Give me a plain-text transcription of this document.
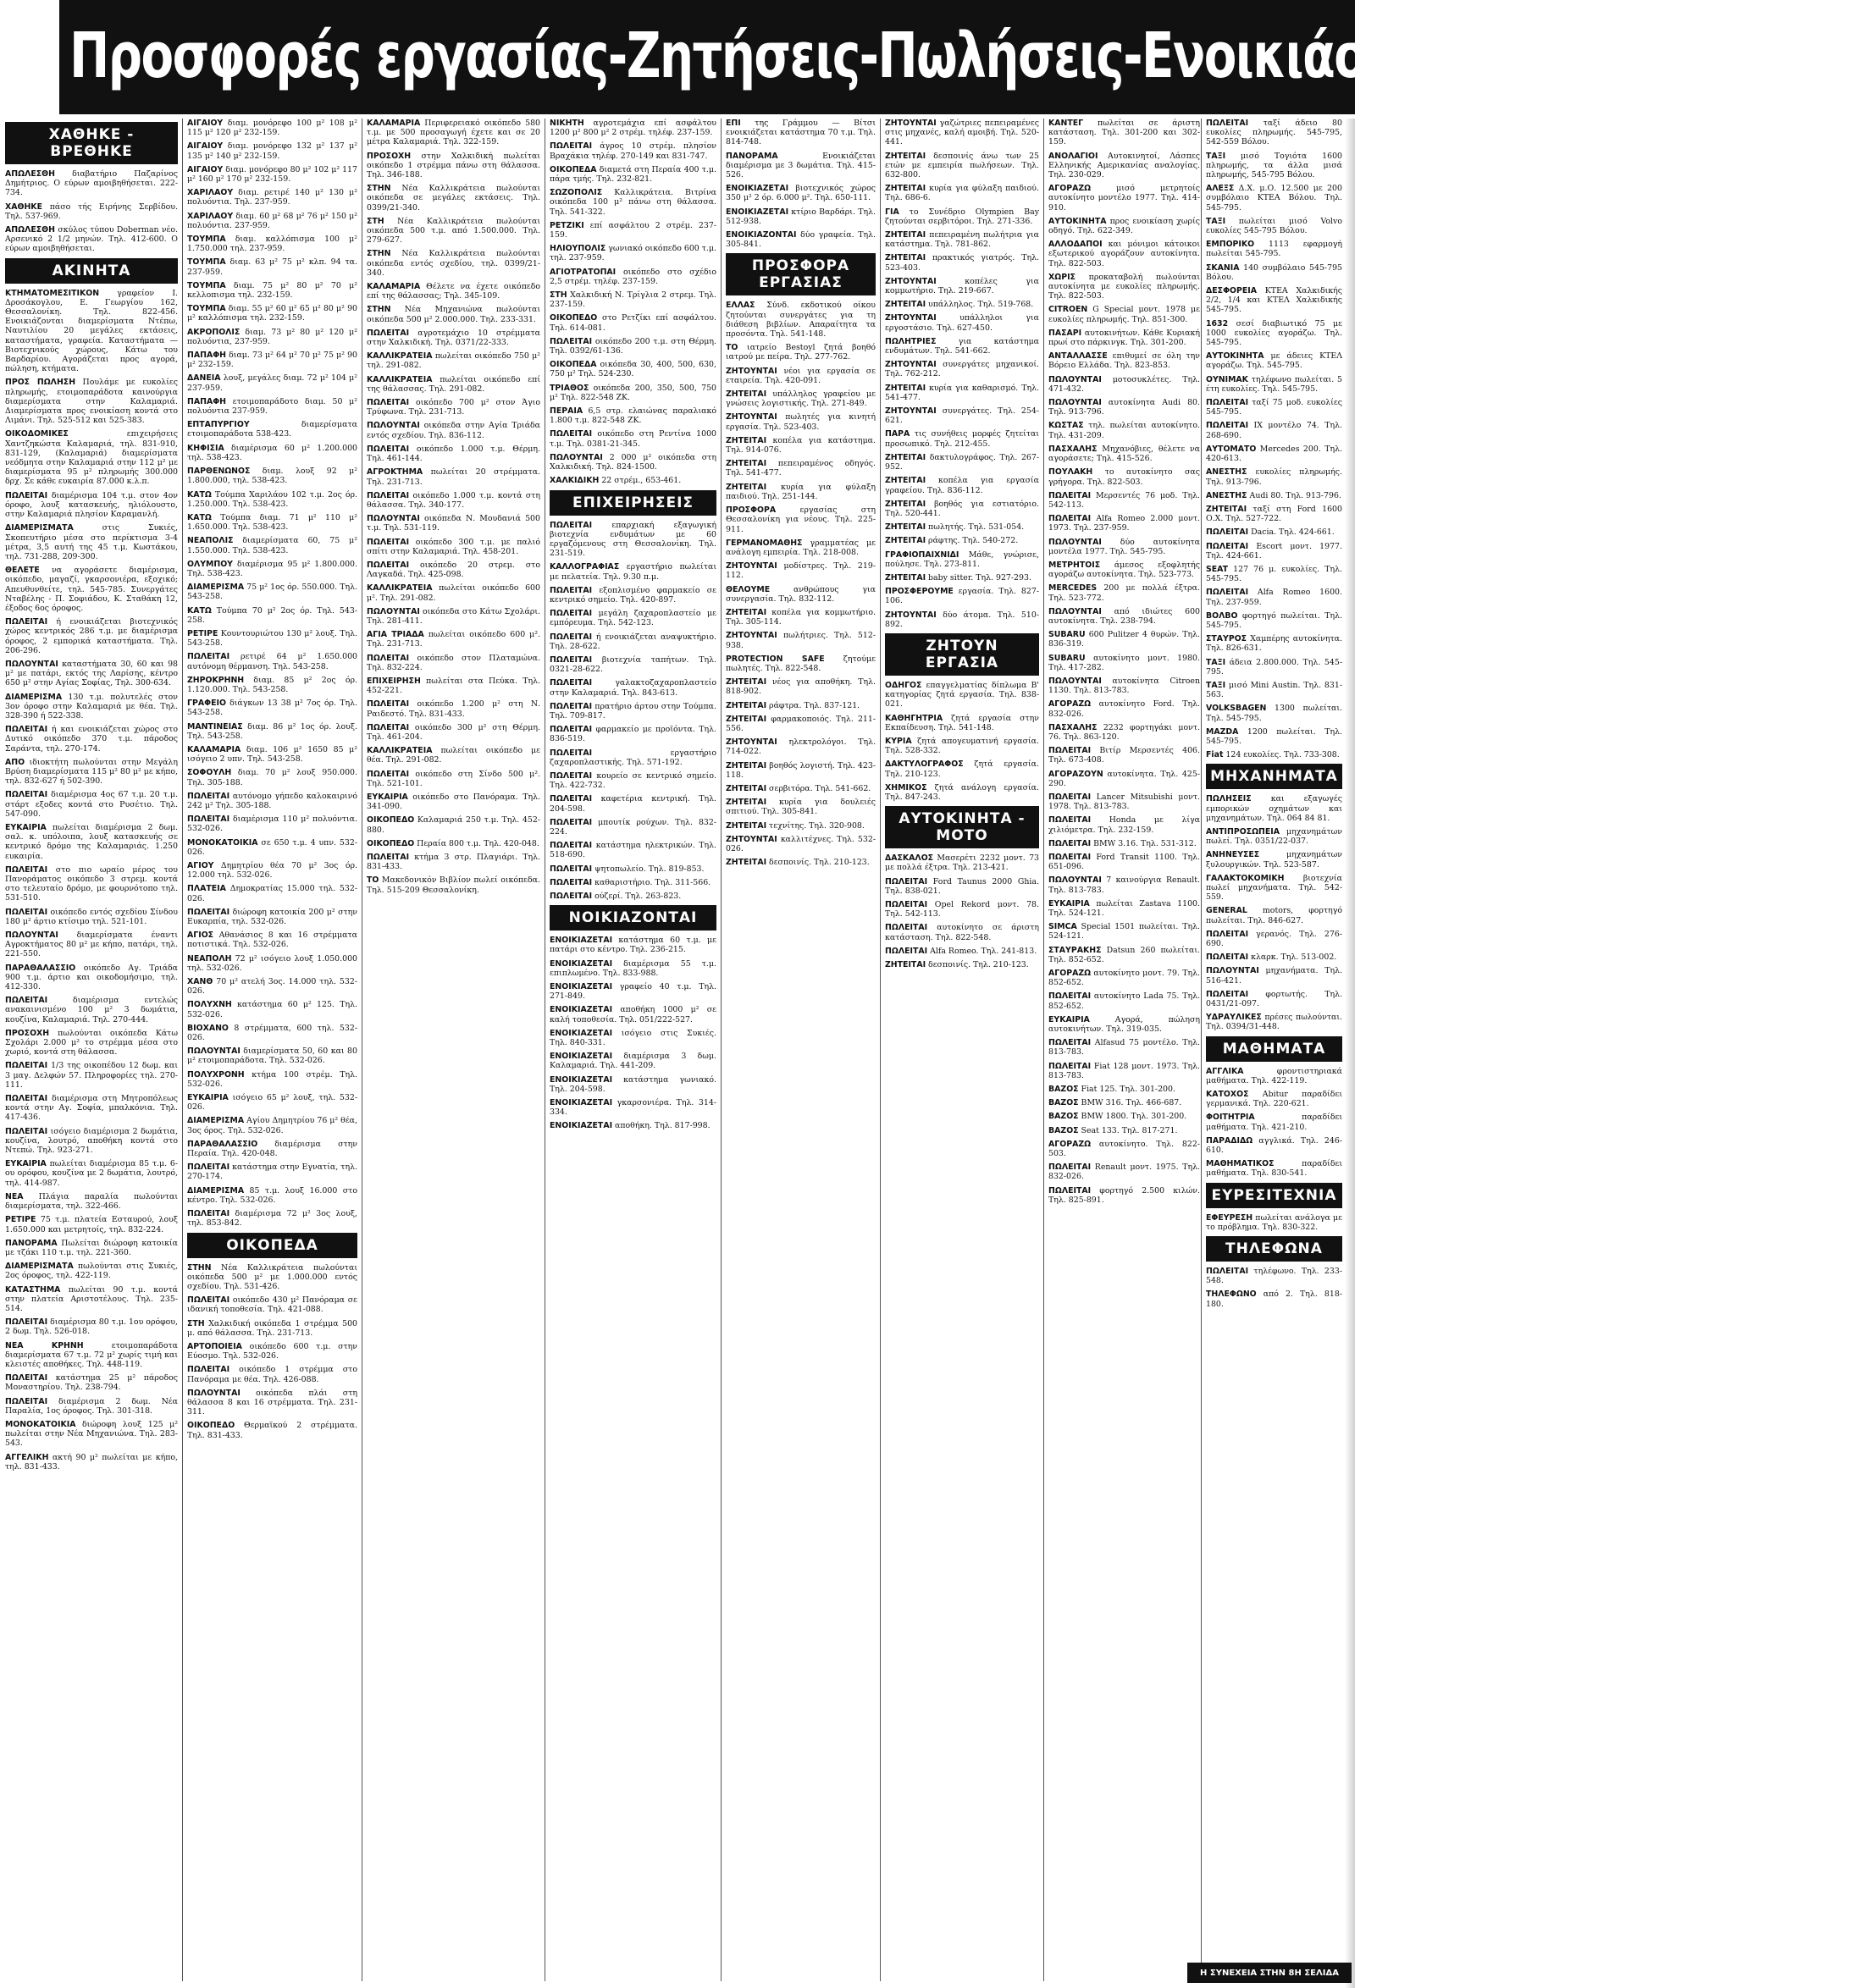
Προσφορές εργασίας-Ζητήσεις-Πωλήσεις-Ενοικιάσεις-Αγορές-Ακίνητα
ΧΑΘΗΚΕ - ΒΡΕΘΗΚΕ
ΑΠΩΛΕΣΘΗ διαβατήριο Παζαρίνος Δημήτριος. Ο εύρων αμοιβηθήσεται. 222-734.
ΧΑΘΗΚΕ πάσο τής Ειρήνης Σερβίδου. Τηλ. 537-969.
ΑΠΩΛΕΣΘΗ σκύλος τύπου Doberman νέο. Αρσενικό 2 1/2 μηνών. Τηλ. 412-600. Ο εύρων αμοιβηθήσεται.
ΑΚΙΝΗΤΑ
ΚΤΗΜΑΤΟΜΕΣΙΤΙΚΟΝ γραφείον Ι. Δροσάκογλου, Ε. Γεωργίου 162, Θεσσαλονίκη. Τηλ. 822-456. Ενοικιάζονται διαμερίσματα Ντέπω, Ναυτιλίου 20 μεγάλες εκτάσεις, καταστήματα, γραφεία. Καταστήματα — Βιοτεχνικούς χώρους, Κάτω του Βαρδαρίου. Αγοράζεται προς αγορά, πώληση, κτήματα.
ΠΡΟΣ ΠΩΛΗΣΗ Πουλάμε με ευκολίες πληρωμής, ετοιμοπαράδοτα καινούργια διαμερίσματα στην Καλαμαριά. Διαμερίσματα προς ενοικίαση κοντά στο Λιμάνι. Τηλ. 525-512 και 525-383.
ΟΙΚΟΔΟΜΙΚΕΣ επιχειρήσεις Χαντζηκώστα Καλαμαριά, τηλ. 831-910, 831-129, (Καλαμαριά) διαμερίσματα νεόδμητα στην Καλαμαριά στην 112 μ² με διαμερίσματα 95 μ² πληρωμής 300.000 δρχ. Σε κάθε ευκαιρία 87.000 κ.λ.π.
ΠΩΛΕΙΤΑΙ διαμέρισμα 104 τ.μ. στον 4ον όροφο, λουξ κατασκευής, ηλιόλουστο, στην Καλαμαριά πλησίον Καραμανλή.
ΔΙΑΜΕΡΙΣΜΑΤΑ στις Συκιές, Σκοπευτήριο μέσα στο περίκτισμα 3-4 μέτρα, 3,5 αυτή της 45 τ.μ. Κωστάκου, τηλ. 731-288, 209-300.
ΘΕΛΕΤΕ να αγοράσετε διαμέρισμα, οικόπεδο, μαγαζί, γκαρσονιέρα, εξοχικό; Απευθυνθείτε, τηλ. 545-785. Συνεργάτες Νταβέλης - Π. Σοφιάδου, Κ. Σταθάκη 12, έξοδος 6ος όροφος.
ΠΩΛΕΙΤΑΙ ή ενοικιάζεται βιοτεχνικός χώρος κεντρικός 286 τ.μ. με διαμέρισμα όροφος, 2 εμπορικά καταστήματα. Τηλ. 206-296.
ΠΩΛΟΥΝΤΑΙ καταστήματα 30, 60 και 98 μ² με πατάρι, εκτός της Λαρίσης, κέντρο 650 μ² στην Αγίας Σοφίας, Τηλ. 300-634.
ΔΙΑΜΕΡΙΣΜΑ 130 τ.μ. πολυτελές στον 3ον όροφο στην Καλαμαριά με θέα. Τηλ. 328-390 ή 522-338.
ΠΩΛΕΙΤΑΙ ή και ενοικιάζεται χώρος στο Δυτικό οικόπεδο 370 τ.μ. πάροδος Σαράντα, τηλ. 270-174.
ΑΠΟ ιδιοκτήτη πωλούνται στην Μεγάλη Βρύση διαμερίσματα 115 μ² 80 μ² με κήπο, τηλ. 832-627 ή 502-390.
ΠΩΛΕΙΤΑΙ διαμέρισμα 4ος 67 τ.μ. 20 τ.μ. στάρτ εξοδες κοντά στο Ρυσέτιο. Τηλ. 547-090.
ΕΥΚΑΙΡΙΑ πωλείται διαμέρισμα 2 δωμ. σαλ. κ. υπόλοιπα, λουξ κατασκευής σε κεντρικό δρόμο της Καλαμαριάς. 1.250 ευκαιρία.
ΠΩΛΕΙΤΑΙ στο πιο ωραίο μέρος του Πανοράματος οικόπεδο 3 στρεμ. κοντά στο τελευταίο δρόμο, με φουρνότοπο τηλ. 531-510.
ΠΩΛΕΙΤΑΙ οικόπεδο εντός σχεδίου Σίνδου 180 μ² άρτιο κτίσιμο τηλ. 521-101.
ΠΩΛΟΥΝΤΑΙ διαμερίσματα έναντι Αγροκτήματος 80 μ² με κήπο, πατάρι, τηλ. 221-550.
ΠΑΡΑΘΑΛΑΣΣΙΟ οικόπεδο Αγ. Τριάδα 900 τ.μ. άρτιο και οικοδομήσιμο, τηλ. 412-330.
ΠΩΛΕΙΤΑΙ διαμέρισμα εντελώς ανακαινισμένο 100 μ² 3 δωμάτια, κουζίνα, Καλαμαριά. Τηλ. 270-444.
ΠΡΟΣΟΧΗ πωλούνται οικόπεδα Κάτω Σχολάρι 2.000 μ² το στρέμμα μέσα στο χωριό, κοντά στη θάλασσα.
ΠΩΛΕΙΤΑΙ 1/3 της οικοπέδου 12 δωμ. και 3 μαγ. Δελφών 57. Πληροφορίες τηλ. 270-111.
ΠΩΛΕΙΤΑΙ διαμέρισμα στη Μητροπόλεως κοντά στην Αγ. Σοφία, μπαλκόνια. Τηλ. 417-436.
ΠΩΛΕΙΤΑΙ ισόγειο διαμέρισμα 2 δωμάτια, κουζίνα, λουτρό, αποθήκη κοντά στο Ντεπώ. Τηλ. 923-271.
ΕΥΚΑΙΡΙΑ πωλείται διαμέρισμα 85 τ.μ. 6-ου ορόφου, κουζίνα με 2 δωμάτια, λουτρό, τηλ. 414-987.
ΝΕΑ Πλάγια παραλία πωλούνται διαμερίσματα, τηλ. 322-466.
ΡΕΤΙΡΕ 75 τ.μ. πλατεία Εσταυρού, λουξ 1.650.000 και μετρητοίς, τηλ. 832-224.
ΠΑΝΟΡΑΜΑ Πωλείται διώροφη κατοικία με τζάκι 110 τ.μ. τηλ. 221-360.
ΔΙΑΜΕΡΙΣΜΑΤΑ πωλούνται στις Συκιές, 2ος όροφος, τηλ. 422-119.
ΚΑΤΑΣΤΗΜΑ πωλείται 90 τ.μ. κοντά στην πλατεία Αριστοτέλους. Τηλ. 235-514.
ΠΩΛΕΙΤΑΙ διαμέρισμα 80 τ.μ. 1ου ορόφου, 2 δωμ. Τηλ. 526-018.
ΝΕΑ ΚΡΗΝΗ ετοιμοπαράδοτα διαμερίσματα 67 τ.μ. 72 μ² χωρίς τιμή και κλειστές αποθήκες. Τηλ. 448-119.
ΠΩΛΕΙΤΑΙ κατάστημα 25 μ² πάροδος Μοναστηρίου. Τηλ. 238-794.
ΠΩΛΕΙΤΑΙ διαμέρισμα 2 δωμ. Νέα Παραλία, 1ος όροφος. Τηλ. 301-318.
ΜΟΝΟΚΑΤΟΙΚΙΑ διώροφη λουξ 125 μ² πωλείται στην Νέα Μηχανιώνα. Τηλ. 283-543.
ΑΓΓΕΛΙΚΗ ακτή 90 μ² πωλείται με κήπο, τηλ. 831-433.
ΑΙΓΑΙΟΥ διαμ. μονόρεφο 100 μ² 108 μ² 115 μ² 120 μ² 232-159.
ΑΙΓΑΙΟΥ διαμ. μονόρεφο 132 μ² 137 μ² 135 μ² 140 μ² 232-159.
ΑΙΓΑΙΟΥ διαμ. μονόρεφο 80 μ² 102 μ² 117 μ² 160 μ² 170 μ² 232-159.
ΧΑΡΙΛΑΟΥ διαμ. ρετιρέ 140 μ² 130 μ² πολυόντια. Τηλ. 237-959.
ΧΑΡΙΛΑΟΥ διαμ. 60 μ² 68 μ² 76 μ² 150 μ² πολυόντια. 237-959.
ΤΟΥΜΠΑ διαμ. καλλόπισμα 100 μ² 1.750.000 τηλ. 237-959.
ΤΟΥΜΠΑ διαμ. 63 μ² 75 μ² κλπ. 94 τα. 237-959.
ΤΟΥΜΠΑ διαμ. 75 μ² 80 μ² 70 μ² κελλοπισμα τηλ. 232-159.
ΤΟΥΜΠΑ διαμ. 55 μ² 60 μ² 65 μ² 80 μ² 90 μ² καλλόπισμα τηλ. 232-159.
ΑΚΡΟΠΟΛΙΣ διαμ. 73 μ² 80 μ² 120 μ² πολυόντια, 237-959.
ΠΑΠΑΦΗ διαμ. 73 μ² 64 μ² 70 μ² 75 μ² 90 μ² 232-159.
ΔΑΝΕΙΑ λουξ, μεγάλες διαμ. 72 μ² 104 μ² 237-959.
ΠΑΠΑΦΗ ετοιμοπαράδοτο διαμ. 50 μ² πολυόντια 237-959.
ΕΠΤΑΠΥΡΓΙΟΥ διαμερίσματα ετοιμοπαράδοτα 538-423.
ΚΗΦΙΣΙΑ διαμέρισμα 60 μ² 1.200.000 τηλ. 538-423.
ΠΑΡΘΕΝΩΝΟΣ διαμ. λουξ 92 μ² 1.800.000, τηλ. 538-423.
ΚΑΤΩ Τούμπα Χαριλάου 102 τ.μ. 2ος όρ. 1.250.000. Τηλ. 538-423.
ΚΑΤΩ Τούμπα διαμ. 71 μ² 110 μ² 1.650.000. Τηλ. 538-423.
ΝΕΑΠΟΛΙΣ διαμερίσματα 60, 75 μ² 1.550.000. Τηλ. 538-423.
ΟΛΥΜΠΟΥ διαμέρισμα 95 μ² 1.800.000. Τηλ. 538-423.
ΔΙΑΜΕΡΙΣΜΑ 75 μ² 1ος όρ. 550.000. Τηλ. 543-258.
ΚΑΤΩ Τούμπα 70 μ² 2ος όρ. Τηλ. 543-258.
ΡΕΤΙΡΕ Κουντουριώτου 130 μ² λουξ. Τηλ. 543-258.
ΠΩΛΕΙΤΑΙ ρετιρέ 64 μ² 1.650.000 αυτόνομη θέρμανση. Τηλ. 543-258.
ΖΗΡΟΚΡΗΝΗ διαμ. 85 μ² 2ος όρ. 1.120.000. Τηλ. 543-258.
ΓΡΑΦΕΙΟ διάγκων 13 38 μ² 7ος όρ. Τηλ. 543-258.
ΜΑΝΤΙΝΕΙΑΣ διαμ. 86 μ² 1ος όρ. λουξ. Τηλ. 543-258.
ΚΑΛΑΜΑΡΙΑ διαμ. 106 μ² 1650 85 μ² ισόγειο 2 υπν. Τηλ. 543-258.
ΣΟΦΟΥΛΗ διαμ. 70 μ² λουξ 950.000. Τηλ. 305-188.
ΠΩΛΕΙΤΑΙ αυτόνομο γήπεδο καλοκαιρινό 242 μ² Τηλ. 305-188.
ΠΩΛΕΙΤΑΙ διαμέρισμα 110 μ² πολυόντια. 532-026.
ΜΟΝΟΚΑΤΟΙΚΙΑ σε 650 τ.μ. 4 υπν. 532-026.
ΑΓΙΟΥ Δημητρίου θέα 70 μ² 3ος όρ. 12.000 τηλ. 532-026.
ΠΛΑΤΕΙΑ Δημοκρατίας 15.000 τηλ. 532-026.
ΠΩΛΕΙΤΑΙ διώροφη κατοικία 200 μ² στην Ευκαρπία, τηλ. 532-026.
ΑΓΙΟΣ Αθανάσιος 8 και 16 στρέμματα ποτιστικά. Τηλ. 532-026.
ΝΕΑΠΟΛΗ 72 μ² ισόγειο λουξ 1.050.000 τηλ. 532-026.
ΧΑΝΘ 70 μ² ατελή 3ος. 14.000 τηλ. 532-026.
ΠΟΛΥΧΝΗ κατάστημα 60 μ² 125. Τηλ. 532-026.
ΒΙΟΧΑΝΟ 8 στρέμματα, 600 τηλ. 532-026.
ΠΩΛΟΥΝΤΑΙ διαμερίσματα 50, 60 και 80 μ² ετοιμοπαράδοτα. Τηλ. 532-026.
ΠΟΛΥΧΡΟΝΗ κτήμα 100 στρέμ. Τηλ. 532-026.
ΕΥΚΑΙΡΙΑ ισόγειο 65 μ² λουξ, τηλ. 532-026.
ΔΙΑΜΕΡΙΣΜΑ Αγίου Δημητρίου 76 μ² θέα, 3ος όρος. Τηλ. 532-026.
ΠΑΡΑΘΑΛΑΣΣΙΟ διαμέρισμα στην Περαία. Τηλ. 420-048.
ΠΩΛΕΙΤΑΙ κατάστημα στην Εγνατία, τηλ. 270-174.
ΔΙΑΜΕΡΙΣΜΑ 85 τ.μ. λουξ 16.000 στο κέντρο. Τηλ. 532-026.
ΠΩΛΕΙΤΑΙ διαμέρισμα 72 μ² 3ος λουξ, τηλ. 853-842.
ΟΙΚΟΠΕΔΑ
ΣΤΗΝ Νέα Καλλικράτεια πωλούνται οικόπεδα 500 μ² με 1.000.000 εντός σχεδίου. Τηλ. 531-426.
ΠΩΛΕΙΤΑΙ οικόπεδο 430 μ² Πανόραμα σε ιδανική τοποθεσία. Τηλ. 421-088.
ΣΤΗ Χαλκιδική οικόπεδα 1 στρέμμα 500 μ. από θάλασσα. Τηλ. 231-713.
ΑΡΤΟΠΟΙΕΙΑ οικόπεδο 600 τ.μ. στην Εύοσμο. Τηλ. 532-026.
ΠΩΛΕΙΤΑΙ οικόπεδο 1 στρέμμα στο Πανόραμα με θέα. Τηλ. 426-088.
ΠΩΛΟΥΝΤΑΙ οικόπεδα πλάι στη θάλασσα 8 και 16 στρέμματα. Τηλ. 231-311.
ΟΙΚΟΠΕΔΟ Θερμαϊκού 2 στρέμματα. Τηλ. 831-433.
ΚΑΛΑΜΑΡΙΑ Περιφερειακό οικόπεδο 580 τ.μ. με 500 προσαγωγή έχετε και σε 20 μέτρα Καλαμαριά. Τηλ. 322-159.
ΠΡΟΣΟΧΗ στην Χαλκιδική πωλείται οικόπεδο 1 στρέμμα πάνω στη θάλασσα. Τηλ. 346-188.
ΣΤΗΝ Νέα Καλλικράτεια πωλούνται οικόπεδα σε μεγάλες εκτάσεις. Τηλ. 0399/21-340.
ΣΤΗ Νέα Καλλικράτεια πωλούνται οικόπεδα 500 τ.μ. από 1.500.000. Τηλ. 279-627.
ΣΤΗΝ Νέα Καλλικράτεια πωλούνται οικόπεδα εντός σχεδίου, τηλ. 0399/21-340.
ΚΑΛΑΜΑΡΙΑ Θέλετε να έχετε οικόπεδο επί της θάλασσας; Τηλ. 345-109.
ΣΤΗΝ Νέα Μηχανιώνα πωλούνται οικόπεδα 500 μ² 2.000.000. Τηλ. 233-331.
ΠΩΛΕΙΤΑΙ αγροτεμάχιο 10 στρέμματα στην Χαλκιδική. Τηλ. 0371/22-333.
ΚΑΛΛΙΚΡΑΤΕΙΑ πωλείται οικόπεδο 750 μ² τηλ. 291-082.
ΚΑΛΛΙΚΡΑΤΕΙΑ πωλείται οικόπεδο επί της θάλασσας. Τηλ. 291-082.
ΠΩΛΕΙΤΑΙ οικόπεδο 700 μ² στον Άγιο Τρύφωνα. Τηλ. 231-713.
ΠΩΛΟΥΝΤΑΙ οικόπεδα στην Αγία Τριάδα εντός σχεδίου. Τηλ. 836-112.
ΠΩΛΕΙΤΑΙ οικόπεδο 1.000 τ.μ. Θέρμη. Τηλ. 461-144.
ΑΓΡΟΚΤΗΜΑ πωλείται 20 στρέμματα. Τηλ. 231-713.
ΠΩΛΕΙΤΑΙ οικόπεδο 1.000 τ.μ. κοντά στη θάλασσα. Τηλ. 340-177.
ΠΩΛΟΥΝΤΑΙ οικόπεδα Ν. Μουδανιά 500 τ.μ. Τηλ. 531-119.
ΠΩΛΕΙΤΑΙ οικόπεδο 300 τ.μ. με παλιό σπίτι στην Καλαμαριά. Τηλ. 458-201.
ΠΩΛΕΙΤΑΙ οικόπεδο 20 στρεμ. στο Λαγκαδά. Τηλ. 425-098.
ΚΑΛΛΙΚΡΑΤΕΙΑ πωλείται οικόπεδο 600 μ². Τηλ. 291-082.
ΠΩΛΟΥΝΤΑΙ οικόπεδα στο Κάτω Σχολάρι. Τηλ. 281-411.
ΑΓΙΑ ΤΡΙΑΔΑ πωλείται οικόπεδο 600 μ². Τηλ. 231-713.
ΠΩΛΕΙΤΑΙ οικόπεδο στον Πλαταμώνα. Τηλ. 832-224.
ΕΠΙΧΕΙΡΗΣΗ πωλείται στα Πεύκα. Τηλ. 452-221.
ΠΩΛΕΙΤΑΙ οικόπεδο 1.200 μ² στη Ν. Ραιδεστό. Τηλ. 831-433.
ΠΩΛΕΙΤΑΙ οικόπεδο 300 μ² στη Θέρμη. Τηλ. 461-204.
ΚΑΛΛΙΚΡΑΤΕΙΑ πωλείται οικόπεδο με θέα. Τηλ. 291-082.
ΠΩΛΕΙΤΑΙ οικόπεδο στη Σίνδο 500 μ². Τηλ. 521-101.
ΕΥΚΑΙΡΙΑ οικόπεδο στο Πανόραμα. Τηλ. 341-090.
ΟΙΚΟΠΕΔΟ Καλαμαριά 250 τ.μ. Τηλ. 452-880.
ΟΙΚΟΠΕΔΟ Περαία 800 τ.μ. Τηλ. 420-048.
ΠΩΛΕΙΤΑΙ κτήμα 3 στρ. Πλαγιάρι. Τηλ. 831-433.
ΤΟ Μακεδονικόν Βιβλίον πωλεί οικόπεδα. Τηλ. 515-209 Θεσσαλονίκη.
ΝΙΚΗΤΗ αγροτεμάχια επί ασφάλτου 1200 μ² 800 μ² 2 στρέμ. τηλέφ. 237-159.
ΠΩΛΕΙΤΑΙ άγρος 10 στρέμ. πλησίον Βραχάκια τηλέφ. 270-149 και 831-747.
ΟΙΚΟΠΕΔΑ διαμετά στη Περαία 400 τ.μ. πάρα τμής. Τηλ. 232-821.
ΣΩΖΟΠΟΛΙΣ Καλλικράτεια. Βιτρίνα οικόπεδα 100 μ² πάνω στη θάλασσα. Τηλ. 541-322.
ΡΕΤΖΙΚΙ επί ασφάλτου 2 στρέμ. 237-159.
ΗΛΙΟΥΠΟΛΙΣ γωνιακό οικόπεδο 600 τ.μ. τηλ. 237-959.
ΑΓΙΟΤΡΑΤΟΠΑΙ οικόπεδο στο σχέδιο 2,5 στρέμ. τηλέφ. 237-159.
ΣΤΗ Χαλκιδική Ν. Τρίγλια 2 στρεμ. Τηλ. 237-159.
ΟΙΚΟΠΕΔΟ στο Ρετζίκι επί ασφάλτου. Τηλ. 614-081.
ΠΩΛΕΙΤΑΙ οικόπεδο 200 τ.μ. στη Θέρμη. Τηλ. 0392/61-136.
ΟΙΚΟΠΕΔΑ οικόπεδα 30, 400, 500, 630, 750 μ² Τηλ. 524-230.
ΤΡΙΑΘΟΣ οικόπεδα 200, 350, 500, 750 μ² Τηλ. 822-548 ΖΚ.
ΠΕΡΑΙΑ 6,5 στρ. ελαιώνας παραλιακό 1.800 τ.μ. 822-548 ΖΚ.
ΠΩΛΕΙΤΑΙ οικόπεδο στη Ρεντίνα 1000 τ.μ. Τηλ. 0381-21-345.
ΠΩΛΟΥΝΤΑΙ 2 000 μ² οικόπεδα στη Χαλκιδική. Τηλ. 824-1500.
ΧΑΛΚΙΔΙΚΗ 22 στρέμ., 653-461.
ΕΠΙΧΕΙΡΗΣΕΙΣ
ΠΩΛΕΙΤΑΙ επαρχιακή εξαγωγική βιοτεχνία ενδυμάτων με 60 εργαζόμενους στη Θεσσαλονίκη. Τηλ. 231-519.
ΚΑΛΛΟΓΡΑΦΙΑΣ εργαστήριο πωλείται με πελατεία. Τηλ. 9.30 π.μ.
ΠΩΛΕΙΤΑΙ εξοπλισμένο φαρμακείο σε κεντρικό σημείο. Τηλ. 420-897.
ΠΩΛΕΙΤΑΙ μεγάλη ζαχαροπλαστείο με εμπόρευμα. Τηλ. 542-123.
ΠΩΛΕΙΤΑΙ ή ενοικιάζεται αναψυκτήριο. Τηλ. 28-622.
ΠΩΛΕΙΤΑΙ βιοτεχνία ταπήτων. Τηλ. 0321-28-622.
ΠΩΛΕΙΤΑΙ γαλακτοζαχαροπλαστείο στην Καλαμαριά. Τηλ. 843-613.
ΠΩΛΕΙΤΑΙ πρατήριο άρτου στην Τούμπα. Τηλ. 709-817.
ΠΩΛΕΙΤΑΙ φαρμακείο με προϊόντα. Τηλ. 836-519.
ΠΩΛΕΙΤΑΙ εργαστήριο ζαχαροπλαστικής. Τηλ. 571-192.
ΠΩΛΕΙΤΑΙ κουρείο σε κεντρικό σημείο. Τηλ. 422-732.
ΠΩΛΕΙΤΑΙ καφετέρια κεντρική. Τηλ. 204-598.
ΠΩΛΕΙΤΑΙ μπουτίκ ρούχων. Τηλ. 832-224.
ΠΩΛΕΙΤΑΙ κατάστημα ηλεκτρικών. Τηλ. 518-690.
ΠΩΛΕΙΤΑΙ ψητοπωλείο. Τηλ. 819-853.
ΠΩΛΕΙΤΑΙ καθαριστήριο. Τηλ. 311-566.
ΠΩΛΕΙΤΑΙ ούζερί. Τηλ. 263-823.
ΝΟΙΚΙΑΖΟΝΤΑΙ
ΕΝΟΙΚΙΑΖΕΤΑΙ κατάστημα 60 τ.μ. με πατάρι στο κέντρο. Τηλ. 236-215.
ΕΝΟΙΚΙΑΖΕΤΑΙ διαμέρισμα 55 τ.μ. επιπλωμένο. Τηλ. 833-988.
ΕΝΟΙΚΙΑΖΕΤΑΙ γραφείο 40 τ.μ. Τηλ. 271-849.
ΕΝΟΙΚΙΑΖΕΤΑΙ αποθήκη 1000 μ² σε καλή τοποθεσία. Τηλ. 051/222-527.
ΕΝΟΙΚΙΑΖΕΤΑΙ ισόγειο στις Συκιές. Τηλ. 840-331.
ΕΝΟΙΚΙΑΖΕΤΑΙ διαμέρισμα 3 δωμ. Καλαμαριά. Τηλ. 441-209.
ΕΝΟΙΚΙΑΖΕΤΑΙ κατάστημα γωνιακό. Τηλ. 204-598.
ΕΝΟΙΚΙΑΖΕΤΑΙ γκαρσονιέρα. Τηλ. 314-334.
ΕΝΟΙΚΙΑΖΕΤΑΙ αποθήκη. Τηλ. 817-998.
ΕΠΙ της Γράμμου — Βίτσι ενοικιάζεται κατάστημα 70 τ.μ. Τηλ. 814-748.
ΠΑΝΟΡΑΜΑ Ενοικιάζεται διαμέρισμα με 3 δωμάτια. Τηλ. 415-526.
ΕΝΟΙΚΙΑΖΕΤΑΙ βιοτεχνικός χώρος 350 μ² 2 όρ. 6.000 μ². Τηλ. 650-111.
ΕΝΟΙΚΙΑΖΕΤΑΙ κτίριο Βαρδάρι. Τηλ. 512-938.
ΕΝΟΙΚΙΑΖΟΝΤΑΙ δύο γραφεία. Τηλ. 305-841.
ΠΡΟΣΦΟΡΑ ΕΡΓΑΣΙΑΣ
ΕΛΛΑΣ Σύνδ. εκδοτικού οίκου ζητούνται συνεργάτες για τη διάθεση βιβλίων. Απαραίτητα τα προσόντα. Τηλ. 541-148.
ΤΟ ιατρείο Bestoyl ζητά βοηθό ιατρού με πείρα. Τηλ. 277-762.
ΖΗΤΟΥΝΤΑΙ νέοι για εργασία σε εταιρεία. Τηλ. 420-091.
ΖΗΤΕΙΤΑΙ υπάλληλος γραφείου με γνώσεις λογιστικής. Τηλ. 271-849.
ΖΗΤΟΥΝΤΑΙ πωλητές για κινητή εργασία. Τηλ. 523-403.
ΖΗΤΕΙΤΑΙ κοπέλα για κατάστημα. Τηλ. 914-076.
ΖΗΤΕΙΤΑΙ πεπειραμένος οδηγός. Τηλ. 541-477.
ΖΗΤΕΙΤΑΙ κυρία για φύλαξη παιδιού. Τηλ. 251-144.
ΠΡΟΣΦΟΡΑ εργασίας στη Θεσσαλονίκη για νέους. Τηλ. 225-911.
ΓΕΡΜΑΝΟΜΑΘΗΣ γραμματέας με ανάλογη εμπειρία. Τηλ. 218-008.
ΖΗΤΟΥΝΤΑΙ μοδίστρες. Τηλ. 219-112.
ΘΕΛΟΥΜΕ ανθρώπους για συνεργασία. Τηλ. 832-112.
ΖΗΤΕΙΤΑΙ κοπέλα για κομμωτήριο. Τηλ. 305-114.
ΖΗΤΟΥΝΤΑΙ πωλήτριες. Τηλ. 512-938.
PROTECTION SAFE ζητούμε πωλητές. Τηλ. 822-548.
ΖΗΤΕΙΤΑΙ νέος για αποθήκη. Τηλ. 818-902.
ΖΗΤΕΙΤΑΙ ράφτρα. Τηλ. 837-121.
ΖΗΤΕΙΤΑΙ φαρμακοποιός. Τηλ. 211-556.
ΖΗΤΟΥΝΤΑΙ ηλεκτρολόγοι. Τηλ. 714-022.
ΖΗΤΕΙΤΑΙ βοηθός λογιστή. Τηλ. 423-118.
ΖΗΤΕΙΤΑΙ σερβιτόρα. Τηλ. 541-662.
ΖΗΤΕΙΤΑΙ κυρία για δουλειές σπιτιού. Τηλ. 305-841.
ΖΗΤΕΙΤΑΙ τεχνίτης. Τηλ. 320-908.
ΖΗΤΟΥΝΤΑΙ καλλιτέχνες. Τηλ. 532-026.
ΖΗΤΕΙΤΑΙ δεσποινίς. Τηλ. 210-123.
ΖΗΤΟΥΝΤΑΙ γαζώτριες πεπειραμένες στις μηχανές, καλή αμοιβή. Τηλ. 520-441.
ΖΗΤΕΙΤΑΙ δεσποινίς άνω των 25 ετών με εμπειρία πωλήσεων. Τηλ. 632-800.
ΖΗΤΕΙΤΑΙ κυρία για φύλαξη παιδιού. Τηλ. 686-6.
ΓΙΑ το Συνέδριο Olympien Bay ζητούνται σερβιτόροι. Τηλ. 271-336.
ΖΗΤΕΙΤΑΙ πεπειραμένη πωλήτρια για κατάστημα. Τηλ. 781-862.
ΖΗΤΕΙΤΑΙ πρακτικός γιατρός. Τηλ. 523-403.
ΖΗΤΟΥΝΤΑΙ κοπέλες για κομμωτήριο. Τηλ. 219-667.
ΖΗΤΕΙΤΑΙ υπάλληλος. Τηλ. 519-768.
ΖΗΤΟΥΝΤΑΙ υπάλληλοι για εργοστάσιο. Τηλ. 627-450.
ΠΩΛΗΤΡΙΕΣ για κατάστημα ενδυμάτων. Τηλ. 541-662.
ΖΗΤΟΥΝΤΑΙ συνεργάτες μηχανικοί. Τηλ. 762-212.
ΖΗΤΕΙΤΑΙ κυρία για καθαρισμό. Τηλ. 541-477.
ΖΗΤΟΥΝΤΑΙ συνεργάτες. Τηλ. 254-621.
ΠΑΡΑ τις συνήθεις μορφές ζητείται προσωπικό. Τηλ. 212-455.
ΖΗΤΕΙΤΑΙ δακτυλογράφος. Τηλ. 267-952.
ΖΗΤΕΙΤΑΙ κοπέλα για εργασία γραφείου. Τηλ. 836-112.
ΖΗΤΕΙΤΑΙ βοηθός για εστιατόριο. Τηλ. 520-441.
ΖΗΤΕΙΤΑΙ πωλητής. Τηλ. 531-054.
ΖΗΤΕΙΤΑΙ ράφτης. Τηλ. 540-272.
ΓΡΑΦΙΟΠΑΙΧΝΙΔΙ Μάθε, γνώρισε, πούλησε. Τηλ. 273-811.
ΖΗΤΕΙΤΑΙ baby sitter. Τηλ. 927-293.
ΠΡΟΣΦΕΡΟΥΜΕ εργασία. Τηλ. 827-106.
ΖΗΤΟΥΝΤΑΙ δύο άτομα. Τηλ. 510-892.
ΖΗΤΟΥΝ ΕΡΓΑΣΙΑ
ΟΔΗΓΟΣ επαγγελματίας δίπλωμα Β' κατηγορίας ζητά εργασία. Τηλ. 838-021.
ΚΑΘΗΓΗΤΡΙΑ ζητά εργασία στην Εκπαίδευση. Τηλ. 541-148.
ΚΥΡΙΑ ζητά απογευματινή εργασία. Τηλ. 528-332.
ΔΑΚΤΥΛΟΓΡΑΦΟΣ ζητά εργασία. Τηλ. 210-123.
ΧΗΜΙΚΟΣ ζητά ανάλογη εργασία. Τηλ. 847-243.
ΑΥΤΟΚΙΝΗΤΑ - ΜΟΤΟ
ΔΑΣΚΑΛΟΣ Μασερέτι 2232 μοντ. 73 με πολλά έξτρα. Τηλ. 213-421.
ΠΩΛΕΙΤΑΙ Ford Taunus 2000 Ghia. Τηλ. 838-021.
ΠΩΛΕΙΤΑΙ Opel Rekord μοντ. 78. Τηλ. 542-113.
ΠΩΛΕΙΤΑΙ αυτοκίνητο σε άριστη κατάσταση. Τηλ. 822-548.
ΠΩΛΕΙΤΑΙ Alfa Romeo. Τηλ. 241-813.
ΖΗΤΕΙΤΑΙ δεσποινίς. Τηλ. 210-123.
ΚΑΝΤΕΓ πωλείται σε άριστη κατάσταση. Τηλ. 301-200 και 302-159.
ΑΝΟΛΑΓΙΟΙ Αυτοκινητοί, Λάσπες Ελληνικής Αμερικανίας αναλογίας. Τηλ. 230-029.
ΑΓΟΡΑΖΩ μισό μετρητοίς αυτοκίνητο μοντέλο 1977. Τηλ. 414-910.
ΑΥΤΟΚΙΝΗΤΑ προς ενοικίαση χωρίς οδηγό. Τηλ. 622-349.
ΑΛΛΟΔΑΠΟΙ και μόνιμοι κάτοικοι εξωτερικού αγοράζουν αυτοκίνητα. Τηλ. 822-503.
ΧΩΡΙΣ προκαταβολή πωλούνται αυτοκίνητα με ευκολίες πληρωμής. Τηλ. 822-503.
CITROEN G Special μοντ. 1978 με ευκολίες πληρωμής. Τηλ. 851-300.
ΠΑΣΑΡΙ αυτοκινήτων. Κάθε Κυριακή πρωί στο πάρκινγκ. Τηλ. 301-200.
ΑΝΤΑΛΛΑΣΣΕ επιθυμεί σε όλη την Βόρειο Ελλάδα. Τηλ. 823-853.
ΠΩΛΟΥΝΤΑΙ μοτοσυκλέτες. Τηλ. 471-432.
ΠΩΛΟΥΝΤΑΙ αυτοκίνητα Audi 80. Τηλ. 913-796.
ΚΩΣΤΑΣ τηλ. πωλείται αυτοκίνητο. Τηλ. 431-209.
ΠΑΣΧΑΛΗΣ Μηχανόβιες, θέλετε να αγοράσετε; Τηλ. 415-526.
ΠΟΥΛΑΚΗ το αυτοκίνητο σας γρήγορα. Τηλ. 822-503.
ΠΩΛΕΙΤΑΙ Μερσεντές 76 μοδ. Τηλ. 542-113.
ΠΩΛΕΙΤΑΙ Alfa Romeo 2.000 μοντ. 1973. Τηλ. 237-959.
ΠΩΛΟΥΝΤΑΙ δύο αυτοκίνητα μοντέλα 1977. Τηλ. 545-795.
ΜΕΤΡΗΤΟΙΣ άμεσος εξοφλητής αγοράζω αυτοκίνητα. Τηλ. 523-773.
MERCEDES 200 με πολλά έξτρα. Τηλ. 523-772.
ΠΩΛΟΥΝΤΑΙ από ιδιώτες 600 αυτοκίνητα. Τηλ. 238-794.
SUBARU 600 Pulitzer 4 θυρών. Τηλ. 836-319.
SUBARU αυτοκίνητο μοντ. 1980. Τηλ. 417-282.
ΠΩΛΟΥΝΤΑΙ αυτοκίνητα Citroen 1130. Τηλ. 813-783.
ΑΓΟΡΑΖΩ αυτοκίνητο Ford. Τηλ. 832-026.
ΠΑΣΧΑΛΗΣ 2232 φορτηγάκι μοντ. 76. Τηλ. 863-120.
ΠΩΛΕΙΤΑΙ Βιτίρ Μερσεντές 406. Τηλ. 673-408.
ΑΓΟΡΑΖΟΥΝ αυτοκίνητα. Τηλ. 425-290.
ΠΩΛΕΙΤΑΙ Lancer Mitsubishi μοντ. 1978. Τηλ. 813-783.
ΠΩΛΕΙΤΑΙ Honda με λίγα χιλιόμετρα. Τηλ. 232-159.
ΠΩΛΕΙΤΑΙ BMW 3.16. Τηλ. 531-312.
ΠΩΛΕΙΤΑΙ Ford Transit 1100. Τηλ. 651-096.
ΠΩΛΟΥΝΤΑΙ 7 καινούργια Renault. Τηλ. 813-783.
ΕΥΚΑΙΡΙΑ πωλείται Zastava 1100. Τηλ. 524-121.
SIMCA Special 1501 πωλείται. Τηλ. 524-121.
ΣΤΑΥΡΑΚΗΣ Datsun 260 πωλείται. Τηλ. 852-652.
ΑΓΟΡΑΖΩ αυτοκίνητο μοντ. 79. Τηλ. 852-652.
ΠΩΛΕΙΤΑΙ αυτοκίνητο Lada 75. Τηλ. 852-652.
ΕΥΚΑΙΡΙΑ Αγορά, πώληση αυτοκινήτων. Τηλ. 319-035.
ΠΩΛΕΙΤΑΙ Alfasud 75 μοντέλο. Τηλ. 813-783.
ΠΩΛΕΙΤΑΙ Fiat 128 μοντ. 1973. Τηλ. 813-783.
ΒΑΖΟΣ Fiat 125. Τηλ. 301-200.
ΒΑΖΟΣ BMW 316. Τηλ. 466-687.
ΒΑΖΟΣ BMW 1800. Τηλ. 301-200.
ΒΑΖΟΣ Seat 133. Τηλ. 817-271.
ΑΓΟΡΑΖΩ αυτοκίνητο. Τηλ. 822-503.
ΠΩΛΕΙΤΑΙ Renault μοντ. 1975. Τηλ. 832-026.
ΠΩΛΕΙΤΑΙ φορτηγό 2.500 κιλών. Τηλ. 825-891.
ΠΩΛΕΙΤΑΙ ταξί άδειο 80 ευκολίες πληρωμής. 545-795, 542-559 Βόλου.
ΤΑΞΙ μισό Τογιότα 1600 πληρωμής, τα άλλα μισά πληρωμής, 545-795 Βόλου.
ΑΛΕΞΣ Δ.Χ. μ.Ο. 12.500 με 200 συμβόλαιο ΚΤΕΑ Βόλου. Τηλ. 545-795.
ΤΑΞΙ πωλείται μισό Volvo ευκολίες 545-795 Βόλου.
ΕΜΠΟΡΙΚΟ 1113 εφαρμογή πωλείται 545-795.
ΣΚΑΝΙΑ 140 συμβόλαιο 545-795 Βόλου.
ΔΕΣΦΟΡΕΙΑ ΚΤΕΑ Χαλκιδικής 2/2, 1/4 και ΚΤΕΛ Χαλκιδικής 545-795.
1632 σεσί διαβιωτικό 75 με 1000 ευκολίες αγοράζω. Τηλ. 545-795.
ΑΥΤΟΚΙΝΗΤΑ με άδειες ΚΤΕΛ αγοράζω. Τηλ. 545-795.
ΟΥΝΙΜΑΚ τηλέφωνο πωλείται. 5 έτη ευκολίες. Τηλ. 545-795.
ΠΩΛΕΙΤΑΙ ταξί 75 μοδ. ευκολίες 545-795.
ΠΩΛΕΙΤΑΙ ΙΧ μοντέλο 74. Τηλ. 268-690.
ΑΥΤΟΜΑΤΟ Mercedes 200. Τηλ. 420-613.
ΑΝΕΣΤΗΣ ευκολίες πληρωμής. Τηλ. 913-796.
ΑΝΕΣΤΗΣ Audi 80. Τηλ. 913-796.
ΖΗΤΕΙΤΑΙ ταξί στη Ford 1600 Ο.Χ. Τηλ. 527-722.
ΠΩΛΕΙΤΑΙ Dacia. Τηλ. 424-661.
ΠΩΛΕΙΤΑΙ Escort μοντ. 1977. Τηλ. 424-661.
SEAT 127 76 μ. ευκολίες. Τηλ. 545-795.
ΠΩΛΕΙΤΑΙ Alfa Romeo 1600. Τηλ. 237-959.
ΒΟΛΒΟ φορτηγό πωλείται. Τηλ. 545-795.
ΣΤΑΥΡΟΣ Χαμπέρης αυτοκίνητα. Τηλ. 826-631.
ΤΑΞΙ άδεια 2.800.000. Τηλ. 545-795.
ΤΑΞΙ μισό Mini Austin. Τηλ. 831-563.
VOLKSBAGEN 1300 πωλείται. Τηλ. 545-795.
MAZDA 1200 πωλείται. Τηλ. 545-795.
Fiat 124 ευκολίες. Τηλ. 733-308.
ΜΗΧΑΝΗΜΑΤΑ
ΠΩΛΗΣΕΙΣ και εξαγωγές εμπορικών οχημάτων και μηχανημάτων. Τηλ. 064 84 81.
ΑΝΤΙΠΡΟΣΩΠΕΙΑ μηχανημάτων πωλεί. Τηλ. 0351/22-037.
ΑΝΗΝΕΥΣΕΣ μηχανημάτων ξυλουργικών. Τηλ. 523-587.
ΓΑΛΑΚΤΟΚΟΜΙΚΗ βιοτεχνία πωλεί μηχανήματα. Τηλ. 542-559.
GENERAL motors, φορτηγό πωλείται. Τηλ. 846-627.
ΠΩΛΕΙΤΑΙ γερανός. Τηλ. 276-690.
ΠΩΛΕΙΤΑΙ κλαρκ. Τηλ. 513-002.
ΠΩΛΟΥΝΤΑΙ μηχανήματα. Τηλ. 516-421.
ΠΩΛΕΙΤΑΙ φορτωτής. Τηλ. 0431/21-097.
ΥΔΡΑΥΛΙΚΕΣ πρέσες πωλούνται. Τηλ. 0394/31-448.
ΜΑΘΗΜΑΤΑ
ΑΓΓΛΙΚΑ φροντιστηριακά μαθήματα. Τηλ. 422-119.
ΚΑΤΟΧΟΣ Abitur παραδίδει γερμανικά. Τηλ. 220-621.
ΦΟΙΤΗΤΡΙΑ παραδίδει μαθήματα. Τηλ. 421-210.
ΠΑΡΑΔΙΔΩ αγγλικά. Τηλ. 246-610.
ΜΑΘΗΜΑΤΙΚΟΣ παραδίδει μαθήματα. Τηλ. 830-541.
ΕΥΡΕΣΙΤΕΧΝΙΑ
ΕΦΕΥΡΕΣΗ πωλείται ανάλογα με το πρόβλημα. Τηλ. 830-322.
ΤΗΛΕΦΩΝΑ
ΠΩΛΕΙΤΑΙ τηλέφωνο. Τηλ. 233-548.
ΤΗΛΕΦΩΝΟ από 2. Τηλ. 818-180.
Η ΣΥΝΕΧΕΙΑ ΣΤΗΝ 8Η ΣΕΛΙΔΑ
